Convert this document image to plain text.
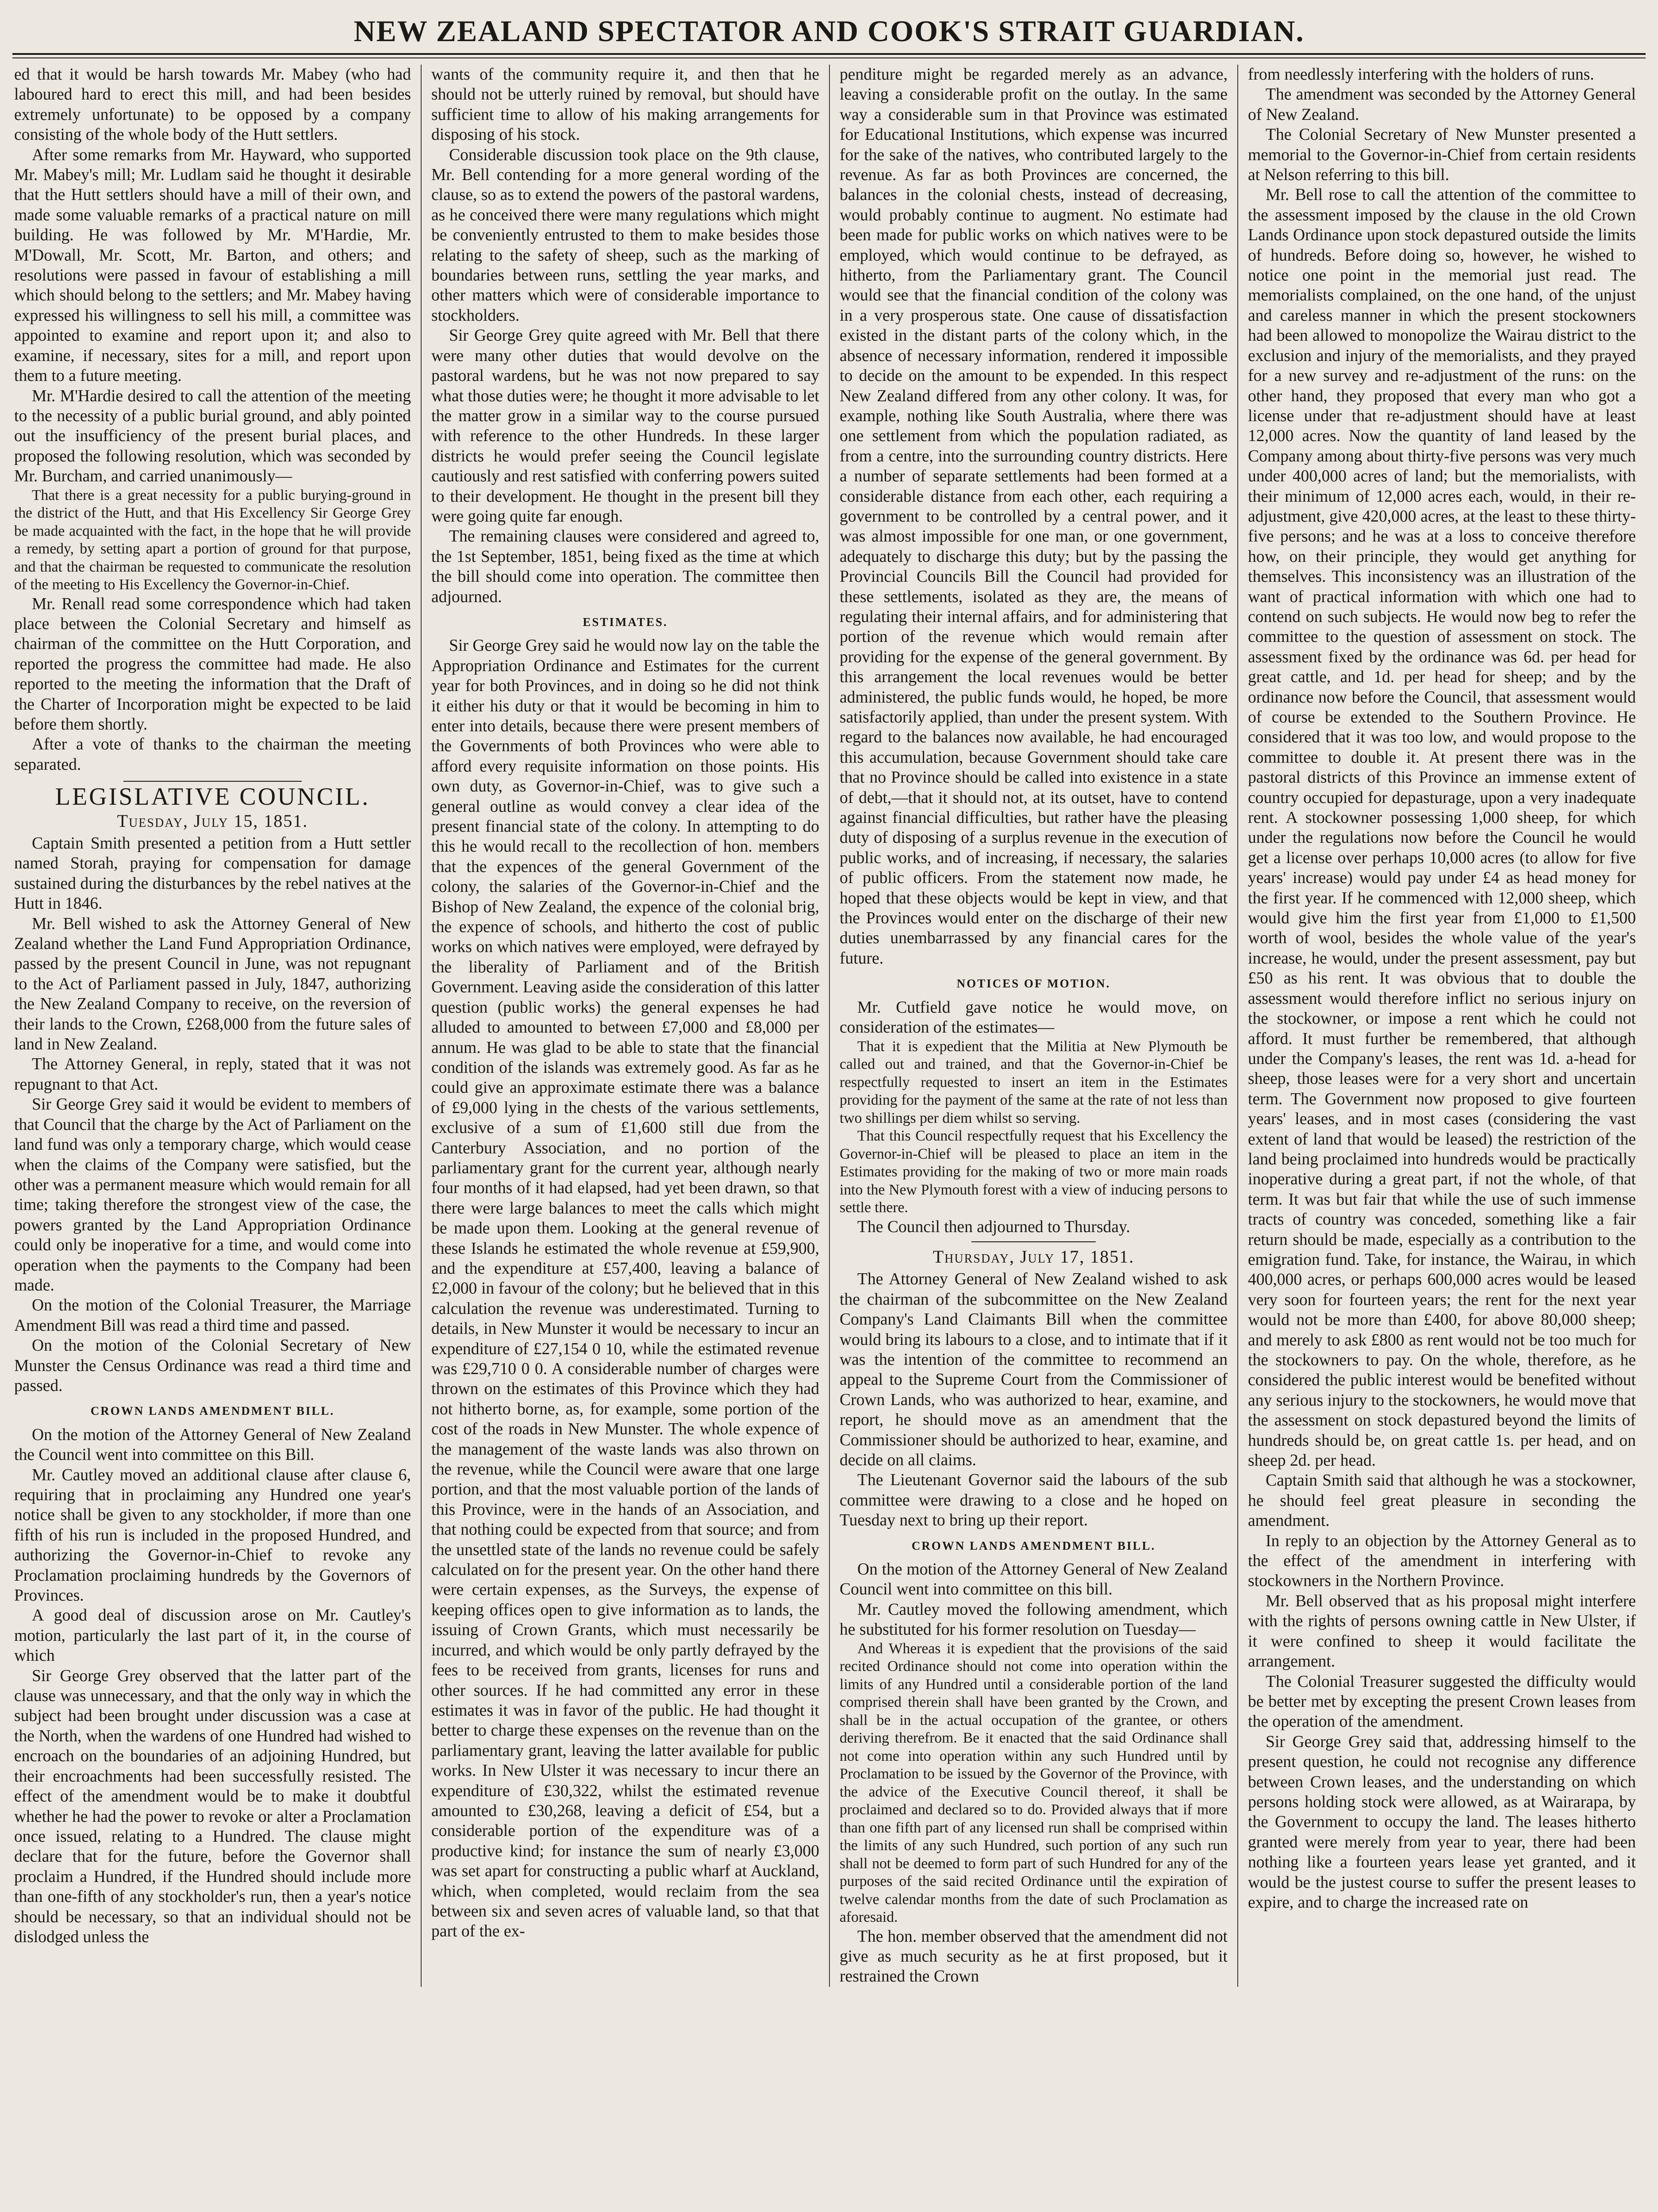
NEW ZEALAND SPECTATOR AND COOK'S STRAIT GUARDIAN.

ed that it would be harsh towards Mr. Mabey (who had laboured hard to erect this mill, and had been besides extremely unfortunate) to be opposed by a company consisting of the whole body of the Hutt settlers.

After some remarks from Mr. Hayward, who supported Mr. Mabey's mill; Mr. Ludlam said he thought it desirable that the Hutt settlers should have a mill of their own, and made some valuable remarks of a practical nature on mill building. He was followed by Mr. M'Hardie, Mr. M'Dowall, Mr. Scott, Mr. Barton, and others; and resolutions were passed in favour of establishing a mill which should belong to the settlers; and Mr. Mabey having expressed his willingness to sell his mill, a committee was appointed to examine and report upon it; and also to examine, if necessary, sites for a mill, and report upon them to a future meeting.

Mr. M'Hardie desired to call the attention of the meeting to the necessity of a public burial ground, and ably pointed out the insufficiency of the present burial places, and proposed the following resolution, which was seconded by Mr. Burcham, and carried unanimously—

That there is a great necessity for a public burying-ground in the district of the Hutt, and that His Excellency Sir George Grey be made acquainted with the fact, in the hope that he will provide a remedy, by setting apart a portion of ground for that purpose, and that the chairman be requested to communicate the resolution of the meeting to His Excellency the Governor-in-Chief.

Mr. Renall read some correspondence which had taken place between the Colonial Secretary and himself as chairman of the committee on the Hutt Corporation, and reported the progress the committee had made. He also reported to the meeting the information that the Draft of the Charter of Incorporation might be expected to be laid before them shortly.

After a vote of thanks to the chairman the meeting separated.

LEGISLATIVE COUNCIL.
Tuesday, July 15, 1851.

Captain Smith presented a petition from a Hutt settler named Storah, praying for compensation for damage sustained during the disturbances by the rebel natives at the Hutt in 1846.

Mr. Bell wished to ask the Attorney General of New Zealand whether the Land Fund Appropriation Ordinance, passed by the present Council in June, was not repugnant to the Act of Parliament passed in July, 1847, authorizing the New Zealand Company to receive, on the reversion of their lands to the Crown, £268,000 from the future sales of land in New Zealand.

The Attorney General, in reply, stated that it was not repugnant to that Act.

Sir George Grey said it would be evident to members of that Council that the charge by the Act of Parliament on the land fund was only a temporary charge, which would cease when the claims of the Company were satisfied, but the other was a permanent measure which would remain for all time; taking therefore the strongest view of the case, the powers granted by the Land Appropriation Ordinance could only be inoperative for a time, and would come into operation when the payments to the Company had been made.

On the motion of the Colonial Treasurer, the Marriage Amendment Bill was read a third time and passed.

On the motion of the Colonial Secretary of New Munster the Census Ordinance was read a third time and passed.

CROWN LANDS AMENDMENT BILL.

On the motion of the Attorney General of New Zealand the Council went into committee on this Bill.

Mr. Cautley moved an additional clause after clause 6, requiring that in proclaiming any Hundred one year's notice shall be given to any stockholder, if more than one fifth of his run is included in the proposed Hundred, and authorizing the Governor-in-Chief to revoke any Proclamation proclaiming hundreds by the Governors of Provinces.

A good deal of discussion arose on Mr. Cautley's motion, particularly the last part of it, in the course of which

Sir George Grey observed that the latter part of the clause was unnecessary, and that the only way in which the subject had been brought under discussion was a case at the North, when the wardens of one Hundred had wished to encroach on the boundaries of an adjoining Hundred, but their encroachments had been successfully resisted. The effect of the amendment would be to make it doubtful whether he had the power to revoke or alter a Proclamation once issued, relating to a Hundred. The clause might declare that for the future, before the Governor shall proclaim a Hundred, if the Hundred should include more than one-fifth of any stockholder's run, then a year's notice should be necessary, so that an individual should not be dislodged unless the

wants of the community require it, and then that he should not be utterly ruined by removal, but should have sufficient time to allow of his making arrangements for disposing of his stock.

Considerable discussion took place on the 9th clause, Mr. Bell contending for a more general wording of the clause, so as to extend the powers of the pastoral wardens, as he conceived there were many regulations which might be conveniently entrusted to them to make besides those relating to the safety of sheep, such as the marking of boundaries between runs, settling the year marks, and other matters which were of considerable importance to stockholders.

Sir George Grey quite agreed with Mr. Bell that there were many other duties that would devolve on the pastoral wardens, but he was not now prepared to say what those duties were; he thought it more advisable to let the matter grow in a similar way to the course pursued with reference to the other Hundreds. In these larger districts he would prefer seeing the Council legislate cautiously and rest satisfied with conferring powers suited to their development. He thought in the present bill they were going quite far enough.

The remaining clauses were considered and agreed to, the 1st September, 1851, being fixed as the time at which the bill should come into operation. The committee then adjourned.

ESTIMATES.

Sir George Grey said he would now lay on the table the Appropriation Ordinance and Estimates for the current year for both Provinces, and in doing so he did not think it either his duty or that it would be becoming in him to enter into details, because there were present members of the Governments of both Provinces who were able to afford every requisite information on those points. His own duty, as Governor-in-Chief, was to give such a general outline as would convey a clear idea of the present financial state of the colony. In attempting to do this he would recall to the recollection of hon. members that the expences of the general Government of the colony, the salaries of the Governor-in-Chief and the Bishop of New Zealand, the expence of the colonial brig, the expence of schools, and hitherto the cost of public works on which natives were employed, were defrayed by the liberality of Parliament and of the British Government. Leaving aside the consideration of this latter question (public works) the general expenses he had alluded to amounted to between £7,000 and £8,000 per annum. He was glad to be able to state that the financial condition of the islands was extremely good. As far as he could give an approximate estimate there was a balance of £9,000 lying in the chests of the various settlements, exclusive of a sum of £1,600 still due from the Canterbury Association, and no portion of the parliamentary grant for the current year, although nearly four months of it had elapsed, had yet been drawn, so that there were large balances to meet the calls which might be made upon them. Looking at the general revenue of these Islands he estimated the whole revenue at £59,900, and the expenditure at £57,400, leaving a balance of £2,000 in favour of the colony; but he believed that in this calculation the revenue was underestimated. Turning to details, in New Munster it would be necessary to incur an expenditure of £27,154 0 10, while the estimated revenue was £29,710 0 0. A considerable number of charges were thrown on the estimates of this Province which they had not hitherto borne, as, for example, some portion of the cost of the roads in New Munster. The whole expence of the management of the waste lands was also thrown on the revenue, while the Council were aware that one large portion, and that the most valuable portion of the lands of this Province, were in the hands of an Association, and that nothing could be expected from that source; and from the unsettled state of the lands no revenue could be safely calculated on for the present year. On the other hand there were certain expenses, as the Surveys, the expense of keeping offices open to give information as to lands, the issuing of Crown Grants, which must necessarily be incurred, and which would be only partly defrayed by the fees to be received from grants, licenses for runs and other sources. If he had committed any error in these estimates it was in favor of the public. He had thought it better to charge these expenses on the revenue than on the parliamentary grant, leaving the latter available for public works. In New Ulster it was necessary to incur there an expenditure of £30,322, whilst the estimated revenue amounted to £30,268, leaving a deficit of £54, but a considerable portion of the expenditure was of a productive kind; for instance the sum of nearly £3,000 was set apart for constructing a public wharf at Auckland, which, when completed, would reclaim from the sea between six and seven acres of valuable land, so that that part of the ex-

penditure might be regarded merely as an advance, leaving a considerable profit on the outlay. In the same way a considerable sum in that Province was estimated for Educational Institutions, which expense was incurred for the sake of the natives, who contributed largely to the revenue. As far as both Provinces are concerned, the balances in the colonial chests, instead of decreasing, would probably continue to augment. No estimate had been made for public works on which natives were to be employed, which would continue to be defrayed, as hitherto, from the Parliamentary grant. The Council would see that the financial condition of the colony was in a very prosperous state. One cause of dissatisfaction existed in the distant parts of the colony which, in the absence of necessary information, rendered it impossible to decide on the amount to be expended. In this respect New Zealand differed from any other colony. It was, for example, nothing like South Australia, where there was one settlement from which the population radiated, as from a centre, into the surrounding country districts. Here a number of separate settlements had been formed at a considerable distance from each other, each requiring a government to be controlled by a central power, and it was almost impossible for one man, or one government, adequately to discharge this duty; but by the passing the Provincial Councils Bill the Council had provided for these settlements, isolated as they are, the means of regulating their internal affairs, and for administering that portion of the revenue which would remain after providing for the expense of the general government. By this arrangement the local revenues would be better administered, the public funds would, he hoped, be more satisfactorily applied, than under the present system. With regard to the balances now available, he had encouraged this accumulation, because Government should take care that no Province should be called into existence in a state of debt,—that it should not, at its outset, have to contend against financial difficulties, but rather have the pleasing duty of disposing of a surplus revenue in the execution of public works, and of increasing, if necessary, the salaries of public officers. From the statement now made, he hoped that these objects would be kept in view, and that the Provinces would enter on the discharge of their new duties unembarrassed by any financial cares for the future.

NOTICES OF MOTION.

Mr. Cutfield gave notice he would move, on consideration of the estimates—

That it is expedient that the Militia at New Plymouth be called out and trained, and that the Governor-in-Chief be respectfully requested to insert an item in the Estimates providing for the payment of the same at the rate of not less than two shillings per diem whilst so serving.

That this Council respectfully request that his Excellency the Governor-in-Chief will be pleased to place an item in the Estimates providing for the making of two or more main roads into the New Plymouth forest with a view of inducing persons to settle there.

The Council then adjourned to Thursday.

Thursday, July 17, 1851.

The Attorney General of New Zealand wished to ask the chairman of the subcommittee on the New Zealand Company's Land Claimants Bill when the committee would bring its labours to a close, and to intimate that if it was the intention of the committee to recommend an appeal to the Supreme Court from the Commissioner of Crown Lands, who was authorized to hear, examine, and report, he should move as an amendment that the Commissioner should be authorized to hear, examine, and decide on all claims.

The Lieutenant Governor said the labours of the sub committee were drawing to a close and he hoped on Tuesday next to bring up their report.

CROWN LANDS AMENDMENT BILL.

On the motion of the Attorney General of New Zealand Council went into committee on this bill.

Mr. Cautley moved the following amendment, which he substituted for his former resolution on Tuesday—

And Whereas it is expedient that the provisions of the said recited Ordinance should not come into operation within the limits of any Hundred until a considerable portion of the land comprised therein shall have been granted by the Crown, and shall be in the actual occupation of the grantee, or others deriving therefrom. Be it enacted that the said Ordinance shall not come into operation within any such Hundred until by Proclamation to be issued by the Governor of the Province, with the advice of the Executive Council thereof, it shall be proclaimed and declared so to do. Provided always that if more than one fifth part of any licensed run shall be comprised within the limits of any such Hundred, such portion of any such run shall not be deemed to form part of such Hundred for any of the purposes of the said recited Ordinance until the expiration of twelve calendar months from the date of such Proclamation as aforesaid.

The hon. member observed that the amendment did not give as much security as he at first proposed, but it restrained the Crown

from needlessly interfering with the holders of runs.

The amendment was seconded by the Attorney General of New Zealand.

The Colonial Secretary of New Munster presented a memorial to the Governor-in-Chief from certain residents at Nelson referring to this bill.

Mr. Bell rose to call the attention of the committee to the assessment imposed by the clause in the old Crown Lands Ordinance upon stock depastured outside the limits of hundreds. Before doing so, however, he wished to notice one point in the memorial just read. The memorialists complained, on the one hand, of the unjust and careless manner in which the present stockowners had been allowed to monopolize the Wairau district to the exclusion and injury of the memorialists, and they prayed for a new survey and re-adjustment of the runs: on the other hand, they proposed that every man who got a license under that re-adjustment should have at least 12,000 acres. Now the quantity of land leased by the Company among about thirty-five persons was very much under 400,000 acres of land; but the memorialists, with their minimum of 12,000 acres each, would, in their re-adjustment, give 420,000 acres, at the least to these thirty-five persons; and he was at a loss to conceive therefore how, on their principle, they would get anything for themselves. This inconsistency was an illustration of the want of practical information with which one had to contend on such subjects. He would now beg to refer the committee to the question of assessment on stock. The assessment fixed by the ordinance was 6d. per head for great cattle, and 1d. per head for sheep; and by the ordinance now before the Council, that assessment would of course be extended to the Southern Province. He considered that it was too low, and would propose to the committee to double it. At present there was in the pastoral districts of this Province an immense extent of country occupied for depasturage, upon a very inadequate rent. A stockowner possessing 1,000 sheep, for which under the regulations now before the Council he would get a license over perhaps 10,000 acres (to allow for five years' increase) would pay under £4 as head money for the first year. If he commenced with 12,000 sheep, which would give him the first year from £1,000 to £1,500 worth of wool, besides the whole value of the year's increase, he would, under the present assessment, pay but £50 as his rent. It was obvious that to double the assessment would therefore inflict no serious injury on the stockowner, or impose a rent which he could not afford. It must further be remembered, that although under the Company's leases, the rent was 1d. a-head for sheep, those leases were for a very short and uncertain term. The Government now proposed to give fourteen years' leases, and in most cases (considering the vast extent of land that would be leased) the restriction of the land being proclaimed into hundreds would be practically inoperative during a great part, if not the whole, of that term. It was but fair that while the use of such immense tracts of country was conceded, something like a fair return should be made, especially as a contribution to the emigration fund. Take, for instance, the Wairau, in which 400,000 acres, or perhaps 600,000 acres would be leased very soon for fourteen years; the rent for the next year would not be more than £400, for above 80,000 sheep; and merely to ask £800 as rent would not be too much for the stockowners to pay. On the whole, therefore, as he considered the public interest would be benefited without any serious injury to the stockowners, he would move that the assessment on stock depastured beyond the limits of hundreds should be, on great cattle 1s. per head, and on sheep 2d. per head.

Captain Smith said that although he was a stockowner, he should feel great pleasure in seconding the amendment.

In reply to an objection by the Attorney General as to the effect of the amendment in interfering with stockowners in the Northern Province.

Mr. Bell observed that as his proposal might interfere with the rights of persons owning cattle in New Ulster, if it were confined to sheep it would facilitate the arrangement.

The Colonial Treasurer suggested the difficulty would be better met by excepting the present Crown leases from the operation of the amendment.

Sir George Grey said that, addressing himself to the present question, he could not recognise any difference between Crown leases, and the understanding on which persons holding stock were allowed, as at Wairarapa, by the Government to occupy the land. The leases hitherto granted were merely from year to year, there had been nothing like a fourteen years lease yet granted, and it would be the justest course to suffer the present leases to expire, and to charge the increased rate on
